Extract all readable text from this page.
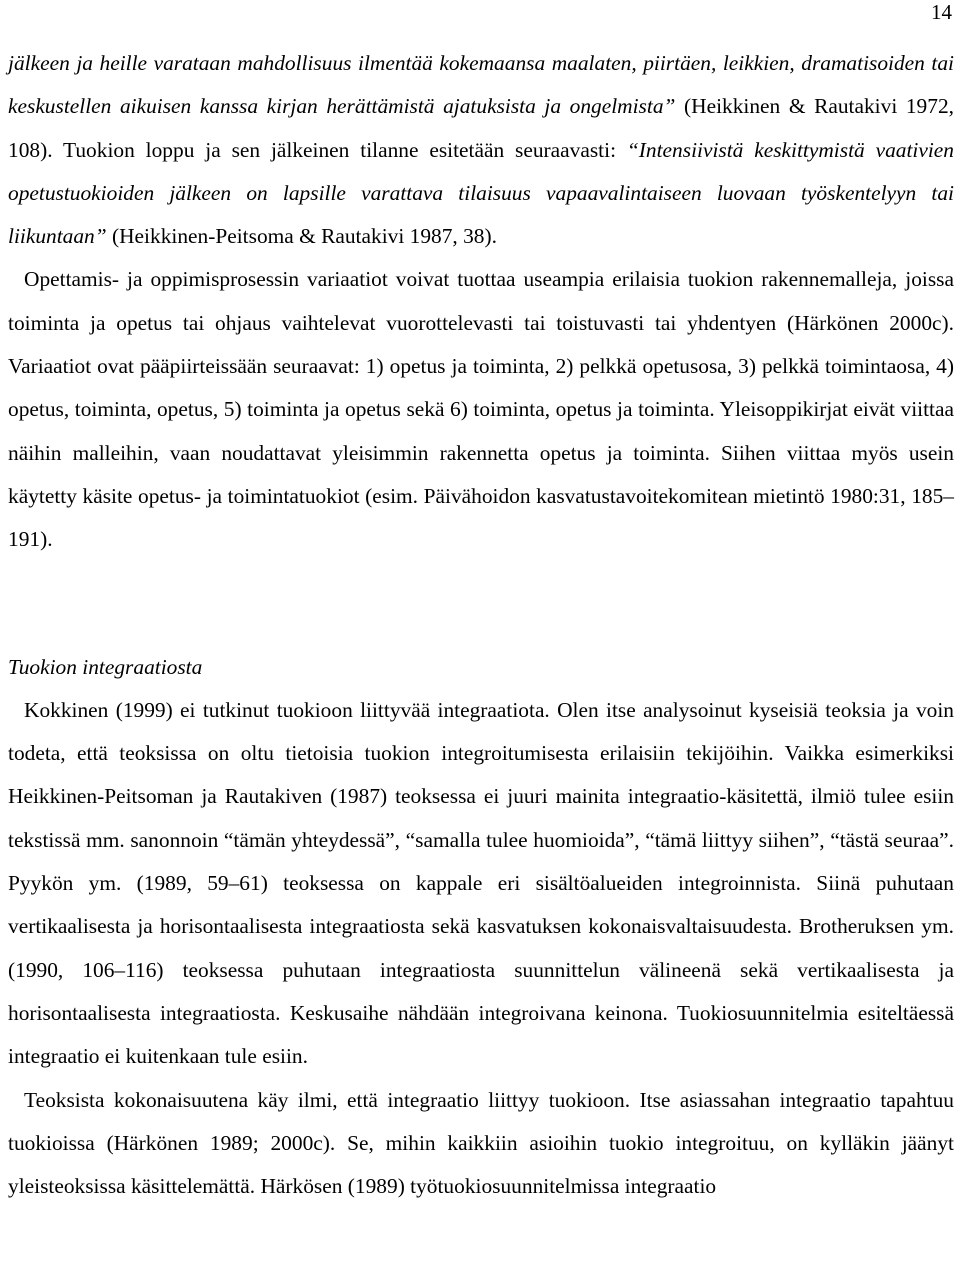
14

jälkeen ja heille varataan mahdollisuus ilmentää kokemaansa maalaten, piirtäen, leikkien, dramatisoiden tai keskustellen aikuisen kanssa kirjan herättämistä ajatuksista ja ongelmista” (Heikkinen & Rautakivi 1972, 108). Tuokion loppu ja sen jälkeinen tilanne esitetään seuraavasti: “Intensiivistä keskittymistä vaativien opetustuokioiden jälkeen on lapsille varattava tilaisuus vapaavalintaiseen luovaan työskentelyyn tai liikuntaan” (Heikkinen-Peitsoma & Rautakivi 1987, 38).

Opettamis- ja oppimisprosessin variaatiot voivat tuottaa useampia erilaisia tuokion rakennemalleja, joissa toiminta ja opetus tai ohjaus vaihtelevat vuorottelevasti tai toistuvasti tai yhdentyen (Härkönen 2000c). Variaatiot ovat pääpiirteissään seuraavat: 1) opetus ja toiminta, 2) pelkkä opetusosa, 3) pelkkä toimintaosa, 4) opetus, toiminta, opetus, 5) toiminta ja opetus sekä 6) toiminta, opetus ja toiminta. Yleisoppikirjat eivät viittaa näihin malleihin, vaan noudattavat yleisimmin rakennetta opetus ja toiminta. Siihen viittaa myös usein käytetty käsite opetus- ja toimintatuokiot (esim. Päivähoidon kasvatustavoitekomitean mietintö 1980:31, 185–191).

Tuokion integraatiosta

Kokkinen (1999) ei tutkinut tuokioon liittyvää integraatiota. Olen itse analysoinut kyseisiä teoksia ja voin todeta, että teoksissa on oltu tietoisia tuokion integroitumisesta erilaisiin tekijöihin. Vaikka esimerkiksi Heikkinen-Peitsoman ja Rautakiven (1987) teoksessa ei juuri mainita integraatio-käsitettä, ilmiö tulee esiin tekstissä mm. sanonnoin “tämän yhteydessä”, “samalla tulee huomioida”, “tämä liittyy siihen”, “tästä seuraa”. Pyykön ym. (1989, 59–61) teoksessa on kappale eri sisältöalueiden integroinnista. Siinä puhutaan vertikaalisesta ja horisontaalisesta integraatiosta sekä kasvatuksen kokonaisvaltaisuudesta. Brotheruksen ym. (1990, 106–116) teoksessa puhutaan integraatiosta suunnittelun välineenä sekä vertikaalisesta ja horisontaalisesta integraatiosta. Keskusaihe nähdään integroivana keinona. Tuokiosuunnitelmia esiteltäessä integraatio ei kuitenkaan tule esiin.

Teoksista kokonaisuutena käy ilmi, että integraatio liittyy tuokioon. Itse asiassahan integraatio tapahtuu tuokioissa (Härkönen 1989; 2000c). Se, mihin kaikkiin asioihin tuokio integroituu, on kylläkin jäänyt yleisteoksissa käsittelemättä. Härkösen (1989) työtuokiosuunnitelmissa integraatio
